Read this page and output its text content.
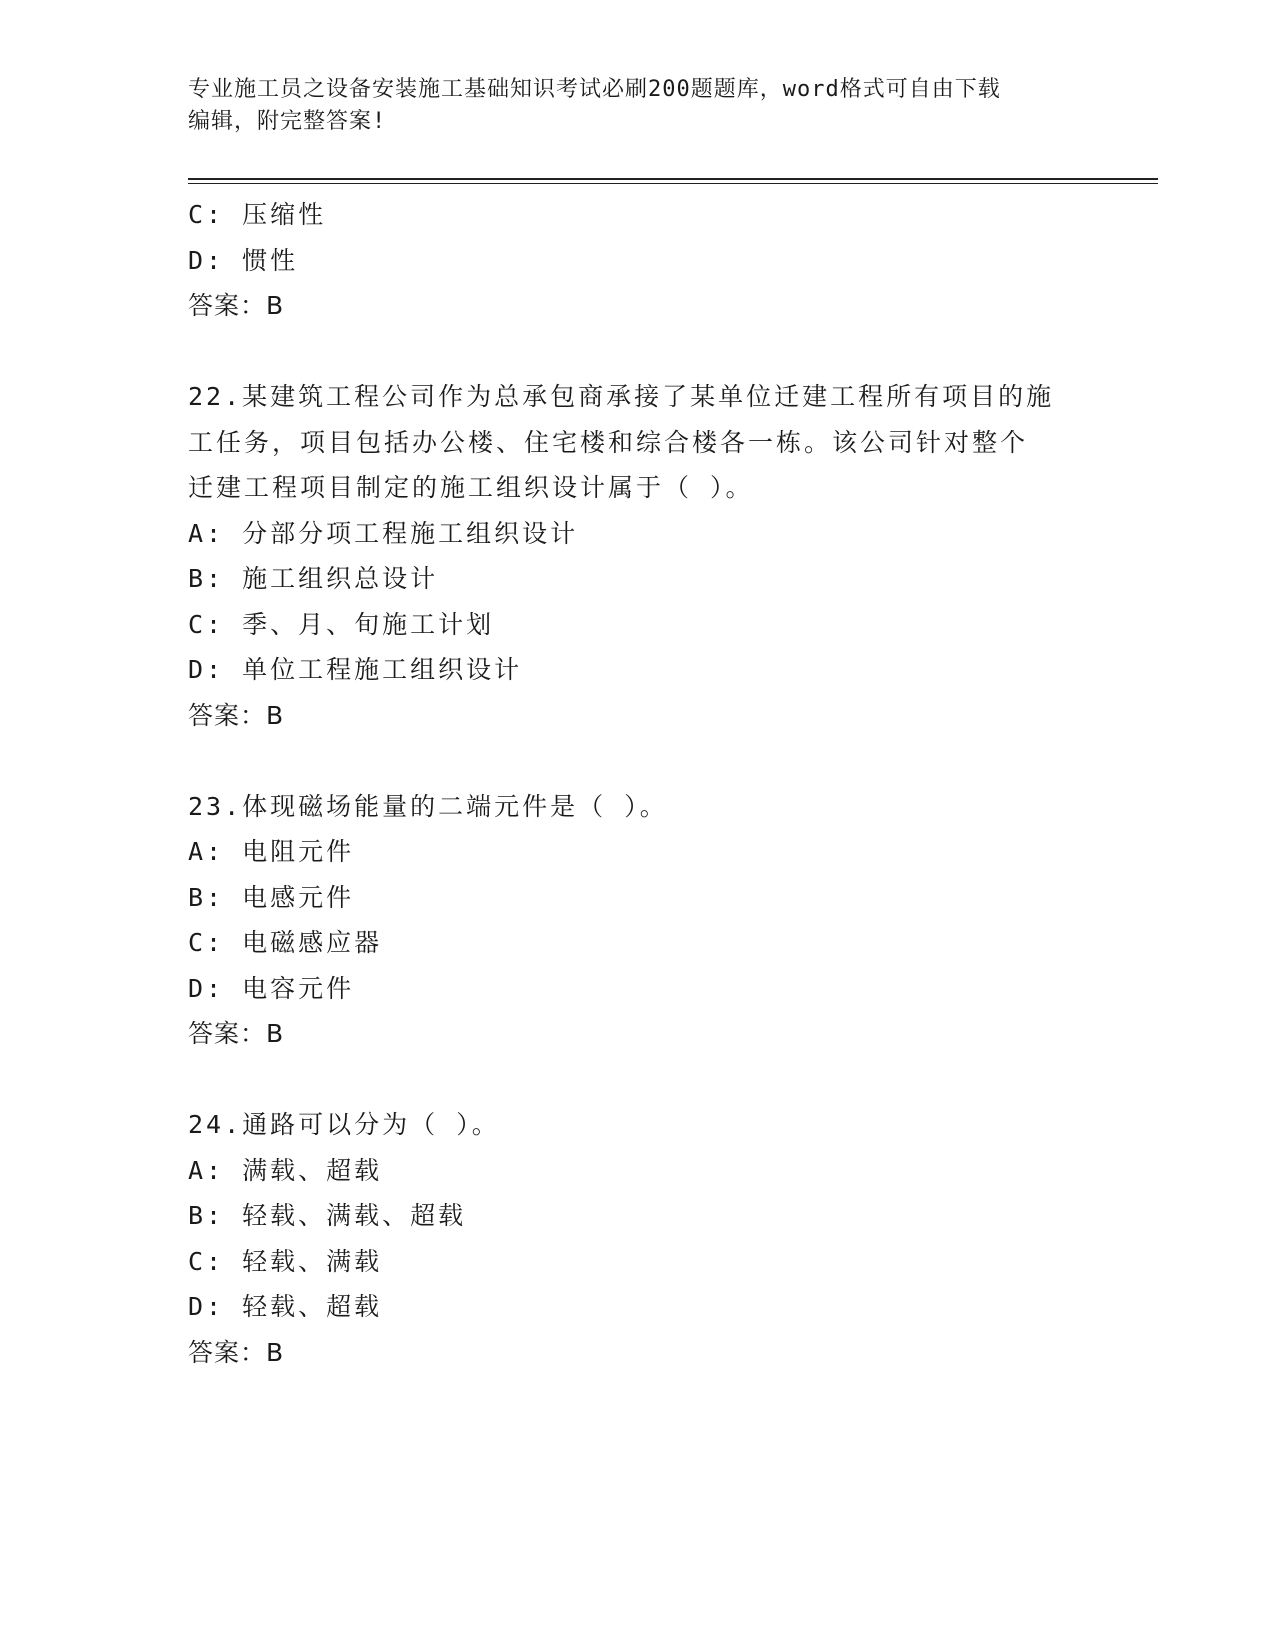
专业施工员之设备安装施工基础知识考试必刷200题题库，word格式可自由下载
编辑，附完整答案!
C: 压缩性
D: 惯性
答案：B
22.某建筑工程公司作为总承包商承接了某单位迁建工程所有项目的施
工任务，项目包括办公楼、住宅楼和综合楼各一栋。该公司针对整个
迁建工程项目制定的施工组织设计属于（ ）。
A: 分部分项工程施工组织设计
B: 施工组织总设计
C: 季、月、旬施工计划
D: 单位工程施工组织设计
答案：B
23.体现磁场能量的二端元件是（ ）。
A: 电阻元件
B: 电感元件
C: 电磁感应器
D: 电容元件
答案：B
24.通路可以分为（ ）。
A: 满载、超载
B: 轻载、满载、超载
C: 轻载、满载
D: 轻载、超载
答案：B
